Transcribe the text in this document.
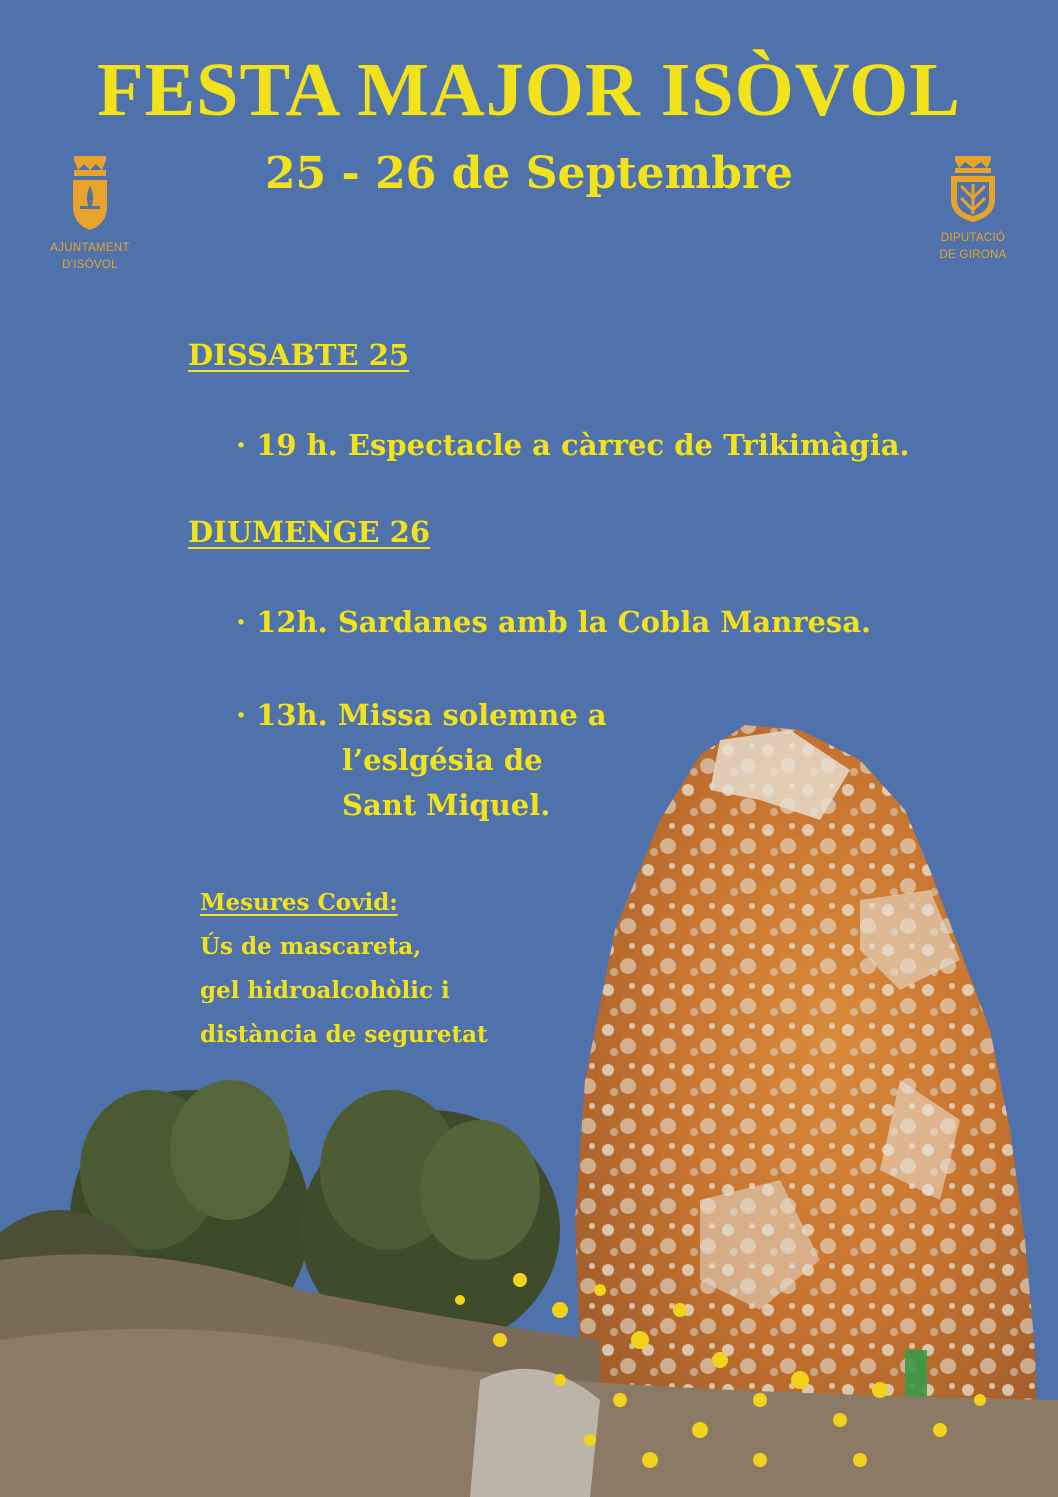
FESTA MAJOR ISÒVOL
25 - 26 de Septembre
AJUNTAMENT
D'ISÒVOL
DIPUTACIÓ
DE GIRONA
DISSABTE 25
· 19 h. Espectacle a càrrec de Trikimàgia.
DIUMENGE 26
· 12h. Sardanes amb la Cobla Manresa.
· 13h. Missa solemne a
l’eslgésia de
Sant Miquel.
Mesures Covid:
Ús de mascareta,
gel hidroalcohòlic i
distància de seguretat
